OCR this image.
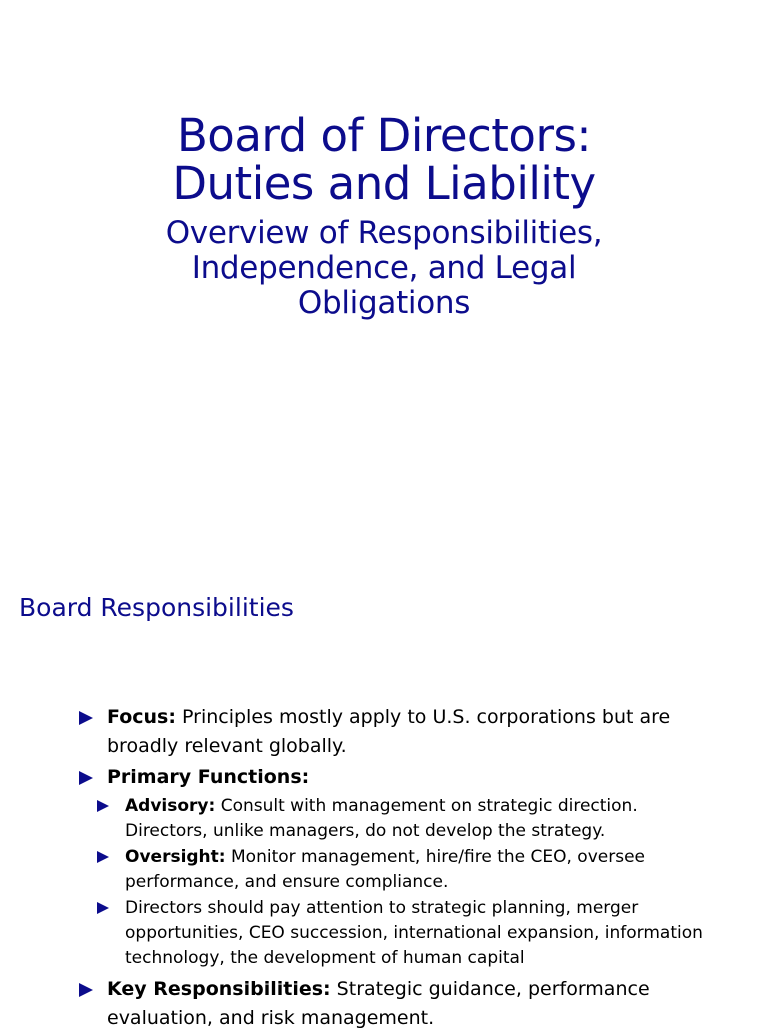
Board of Directors:
Duties and Liability
Overview of Responsibilities,
Independence, and Legal
Obligations
Board Responsibilities
Focus: Principles mostly apply to U.S. corporations but are broadly relevant globally.
Primary Functions:
Advisory: Consult with management on strategic direction. Directors, unlike managers, do not develop the strategy.
Oversight: Monitor management, hire/fire the CEO, oversee performance, and ensure compliance.
Directors should pay attention to strategic planning, merger opportunities, CEO succession, international expansion, information technology, the development of human capital
Key Responsibilities: Strategic guidance, performance evaluation, and risk management.
